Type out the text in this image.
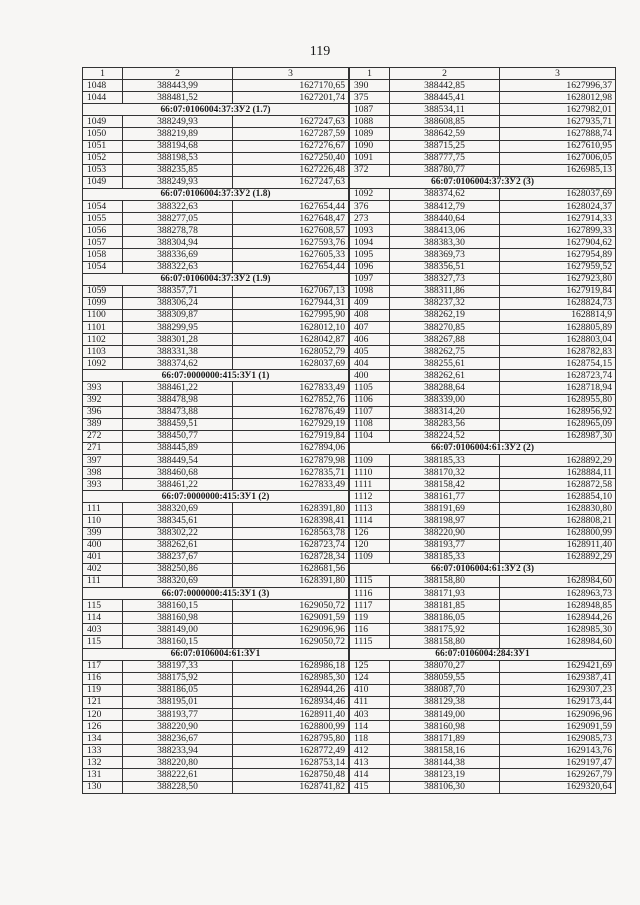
119
1	2	3
1048	388443,99	1627170,65
1044	388481,52	1627201,74
66:07:0106004:37:ЗУ2 (1.7)		
1049	388249,93	1627247,63
1050	388219,89	1627287,59
1051	388194,68	1627276,67
1052	388198,53	1627250,40
1053	388235,85	1627226,48
1049	388249,93	1627247,63
66:07:0106004:37:ЗУ2 (1.8)		
1054	388322,63	1627654,44
1055	388277,05	1627648,47
1056	388278,78	1627608,57
1057	388304,94	1627593,76
1058	388336,69	1627605,33
1054	388322,63	1627654,44
66:07:0106004:37:ЗУ2 (1.9)		
1059	388357,71	1627067,13
1099	388306,24	1627944,31
1100	388309,87	1627995,90
1101	388299,95	1628012,10
1102	388301,28	1628042,87
1103	388331,38	1628052,79
1092	388374,62	1628037,69
66:07:0000000:415:ЗУ1 (1)		
393	388461,22	1627833,49
392	388478,98	1627852,76
396	388473,88	1627876,49
389	388459,51	1627929,19
272	388450,77	1627919,84
271	388445,89	1627894,06
397	388449,54	1627879,98
398	388460,68	1627835,71
393	388461,22	1627833,49
66:07:0000000:415:ЗУ1 (2)		
111	388320,69	1628391,80
110	388345,61	1628398,41
399	388302,22	1628563,78
400	388262,61	1628723,74
401	388237,67	1628728,34
402	388250,86	1628681,56
111	388320,69	1628391,80
66:07:0000000:415:ЗУ1 (3)		
115	388160,15	1629050,72
114	388160,98	1629091,59
403	388149,00	1629096,96
115	388160,15	1629050,72
66:07:0106004:61:ЗУ1		
117	388197,33	1628986,18
116	388175,92	1628985,30
119	388186,05	1628944,26
121	388195,01	1628934,46
120	388193,77	1628911,40
126	388220,90	1628800,99
134	388236,67	1628795,80
133	388233,94	1628772,49
132	388220,80	1628753,14
131	388222,61	1628750,48
130	388228,50	1628741,82
1	2	3
390	388442,85	1627996,37
375	388445,41	1628012,98
1087	388534,11	1627982,01
1088	388608,85	1627935,71
1089	388642,59	1627888,74
1090	388715,25	1627610,95
1091	388777,75	1627006,05
372	388780,77	1626985,13
66:07:0106004:37:ЗУ2 (3)		
1092	388374,62	1628037,69
376	388412,79	1628024,37
273	388440,64	1627914,33
1093	388413,06	1627899,33
1094	388383,30	1627904,62
1095	388369,73	1627954,89
1096	388356,51	1627959,52
1097	388327,73	1627923,80
1098	388311,86	1627919,84
409	388237,32	1628824,73
408	388262,19	1628814,9
407	388270,85	1628805,89
406	388267,88	1628803,04
405	388262,75	1628782,83
404	388255,61	1628754,15
400	388262,61	1628723,74
1105	388288,64	1628718,94
1106	388339,00	1628955,80
1107	388314,20	1628956,92
1108	388283,56	1628965,09
1104	388224,52	1628987,30
66:07:0106004:61:ЗУ2 (2)		
1109	388185,33	1628892,29
1110	388170,32	1628884,11
1111	388158,42	1628872,58
1112	388161,77	1628854,10
1113	388191,69	1628830,80
1114	388198,97	1628808,21
126	388220,90	1628800,99
120	388193,77	1628911,40
1109	388185,33	1628892,29
66:07:0106004:61:ЗУ2 (3)		
1115	388158,80	1628984,60
1116	388171,93	1628963,73
1117	388181,85	1628948,85
119	388186,05	1628944,26
116	388175,92	1628985,30
1115	388158,80	1628984,60
66:07:0106004:284:ЗУ1		
125	388070,27	1629421,69
124	388059,55	1629387,41
410	388087,70	1629307,23
411	388129,38	1629173,44
403	388149,00	1629096,96
114	388160,98	1629091,59
118	388171,89	1629085,73
412	388158,16	1629143,76
413	388144,38	1629197,47
414	388123,19	1629267,79
415	388106,30	1629320,64
